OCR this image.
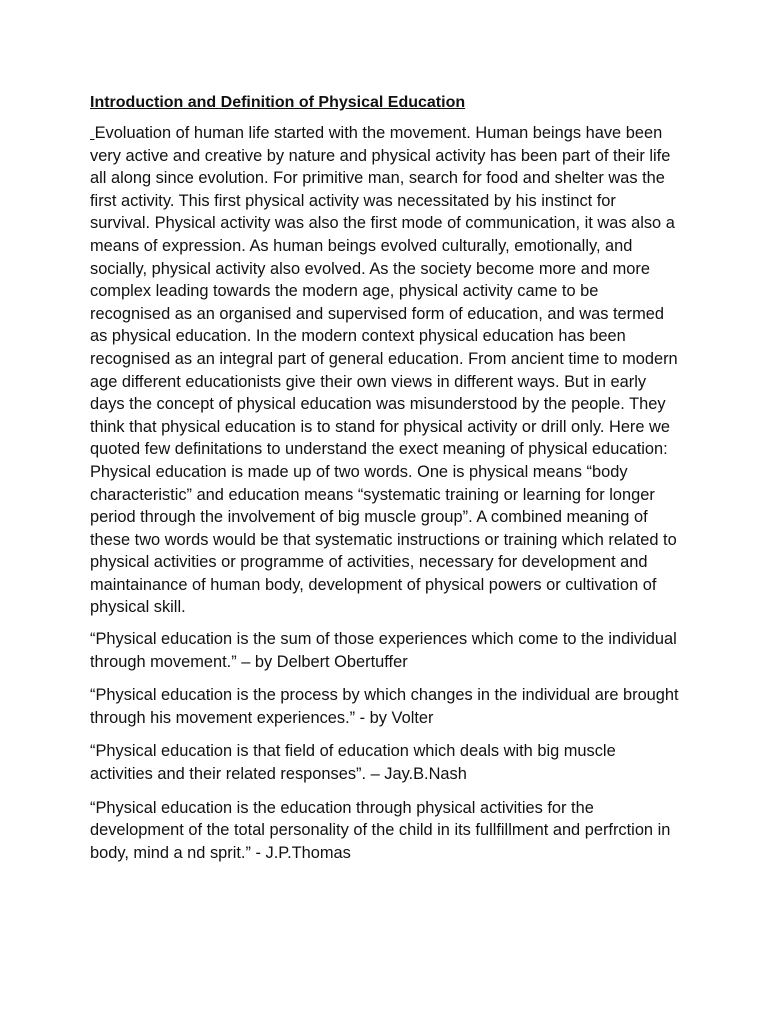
Introduction and Definition of Physical Education

Evoluation of human life started with the movement. Human beings have been very active and creative by nature and physical activity has been part of their life all along since evolution. For primitive man, search for food and shelter was the first activity. This first physical activity was necessitated by his instinct for survival. Physical activity was also the first mode of communication, it was also a means of expression. As human beings evolved culturally, emotionally, and socially, physical activity also evolved. As the society become more and more complex leading towards the modern age, physical activity came to be recognised as an organised and supervised form of education, and was termed as physical education. In the modern context physical education has been recognised as an integral part of general education. From ancient time to modern age different educationists give their own views in different ways. But in early days the concept of physical education was misunderstood by the people. They think that physical education is to stand for physical activity or drill only. Here we quoted few definitations to understand the exect meaning of physical education: Physical education is made up of two words. One is physical means “body characteristic” and education means “systematic training or learning for longer period through the involvement of big muscle group”. A combined meaning of these two words would be that systematic instructions or training which related to physical activities or programme of activities, necessary for development and maintainance of human body, development of physical powers or cultivation of physical skill.

“Physical education is the sum of those experiences which come to the individual through movement.” – by Delbert Obertuffer

“Physical education is the process by which changes in the individual are brought through his movement experiences.” - by Volter

“Physical education is that field of education which deals with big muscle activities and their related responses”. – Jay.B.Nash

“Physical education is the education through physical activities for the development of the total personality of the child in its fullfillment and perfrction in body, mind a nd sprit.” - J.P.Thomas
